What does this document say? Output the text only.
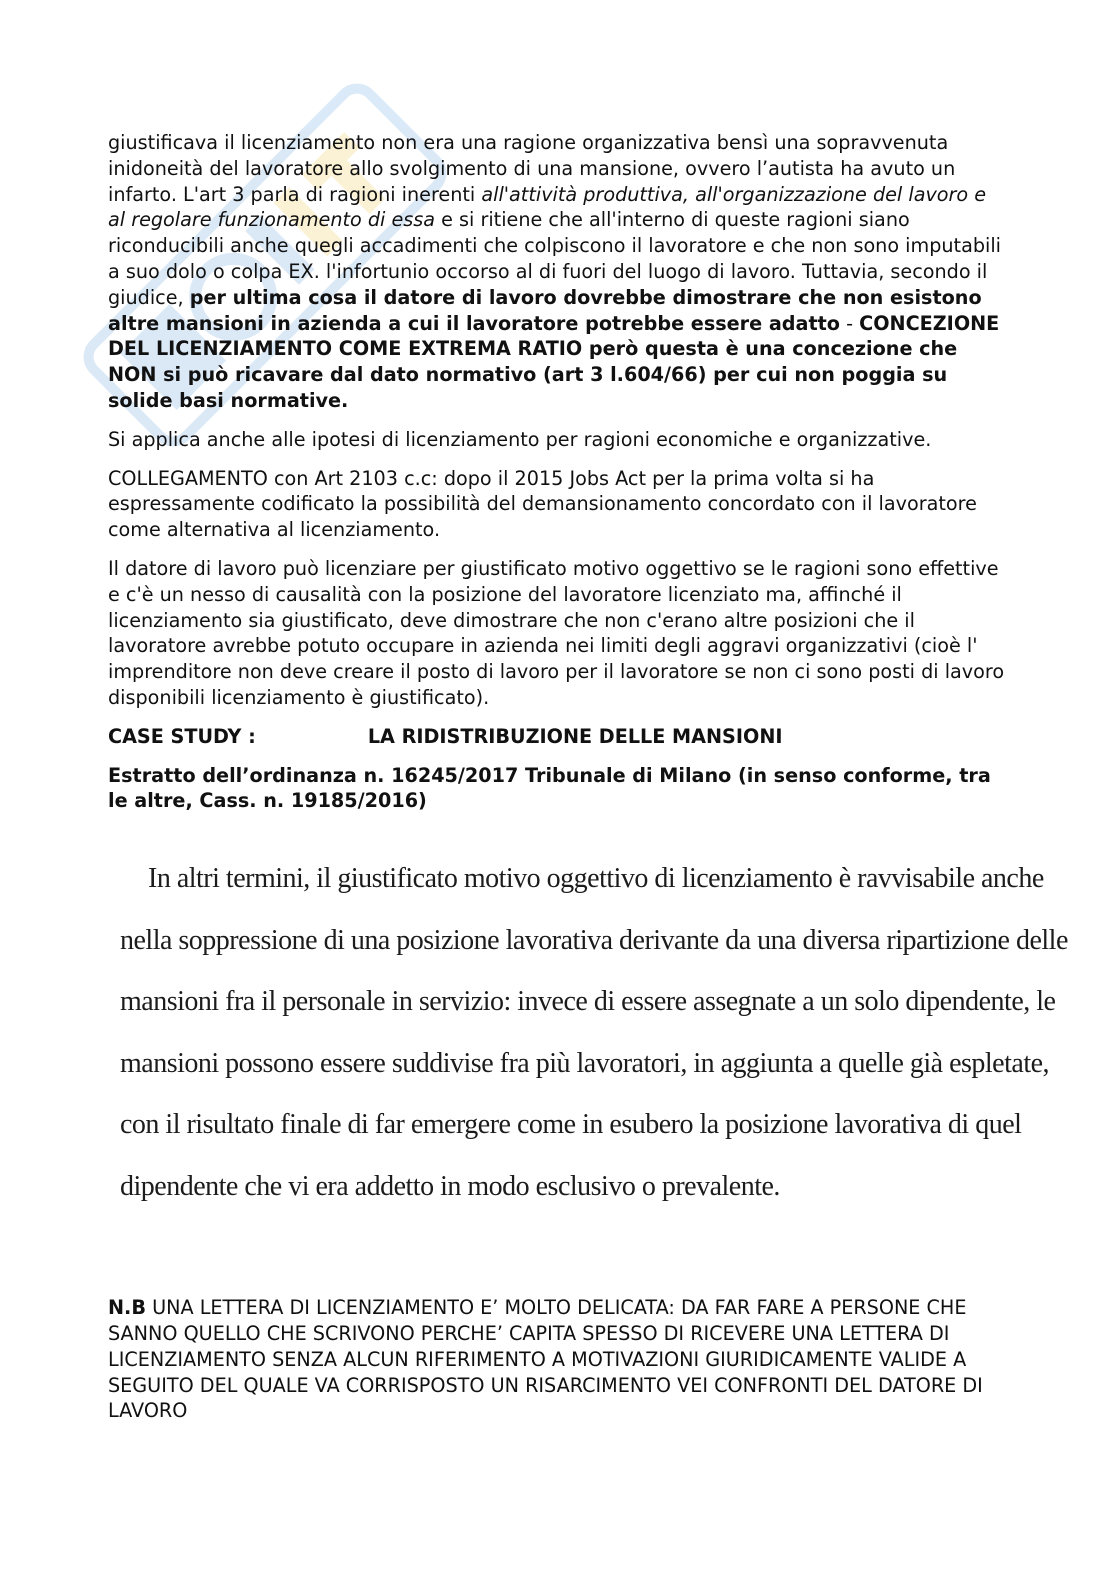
giustificava il licenziamento non era una ragione organizzativa bensì una sopravvenuta inidoneità del lavoratore allo svolgimento di una mansione, ovvero l’autista ha avuto un infarto. L'art 3 parla di ragioni inerenti all'attività produttiva, all'organizzazione del lavoro e al regolare funzionamento di essa e si ritiene che all'interno di queste ragioni siano riconducibili anche quegli accadimenti che colpiscono il lavoratore e che non sono imputabili a suo dolo o colpa EX. l'infortunio occorso al di fuori del luogo di lavoro. Tuttavia, secondo il giudice, per ultima cosa il datore di lavoro dovrebbe dimostrare che non esistono altre mansioni in azienda a cui il lavoratore potrebbe essere adatto - CONCEZIONE DEL LICENZIAMENTO COME EXTREMA RATIO però questa è una concezione che NON si può ricavare dal dato normativo (art 3 l.604/66) per cui non poggia su solide basi normative.

Si applica anche alle ipotesi di licenziamento per ragioni economiche e organizzative.

COLLEGAMENTO con Art 2103 c.c: dopo il 2015 Jobs Act per la prima volta si ha espressamente codificato la possibilità del demansionamento concordato con il lavoratore come alternativa al licenziamento.

Il datore di lavoro può licenziare per giustificato motivo oggettivo se le ragioni sono effettive e c'è un nesso di causalità con la posizione del lavoratore licenziato ma, affinché il licenziamento sia giustificato, deve dimostrare che non c'erano altre posizioni che il lavoratore avrebbe potuto occupare in azienda nei limiti degli aggravi organizzativi (cioè l' imprenditore non deve creare il posto di lavoro per il lavoratore se non ci sono posti di lavoro disponibili licenziamento è giustificato).

CASE STUDY :	LA RIDISTRIBUZIONE DELLE MANSIONI

Estratto dell’ordinanza n. 16245/2017 Tribunale di Milano (in senso conforme, tra le altre, Cass. n. 19185/2016)

In altri termini, il giustificato motivo oggettivo di licenziamento è ravvisabile anche
nella soppressione di una posizione lavorativa derivante da una diversa ripartizione delle
mansioni fra il personale in servizio: invece di essere assegnate a un solo dipendente, le
mansioni possono essere suddivise fra più lavoratori, in aggiunta a quelle già espletate,
con il risultato finale di far emergere come in esubero la posizione lavorativa di quel
dipendente che vi era addetto in modo esclusivo o prevalente.

N.B UNA LETTERA DI LICENZIAMENTO E’ MOLTO DELICATA: DA FAR FARE A PERSONE CHE SANNO QUELLO CHE SCRIVONO PERCHE’ CAPITA SPESSO DI RICEVERE UNA LETTERA DI LICENZIAMENTO SENZA ALCUN RIFERIMENTO A MOTIVAZIONI GIURIDICAMENTE VALIDE A SEGUITO DEL QUALE VA CORRISPOSTO UN RISARCIMENTO VEI CONFRONTI DEL DATORE DI LAVORO
